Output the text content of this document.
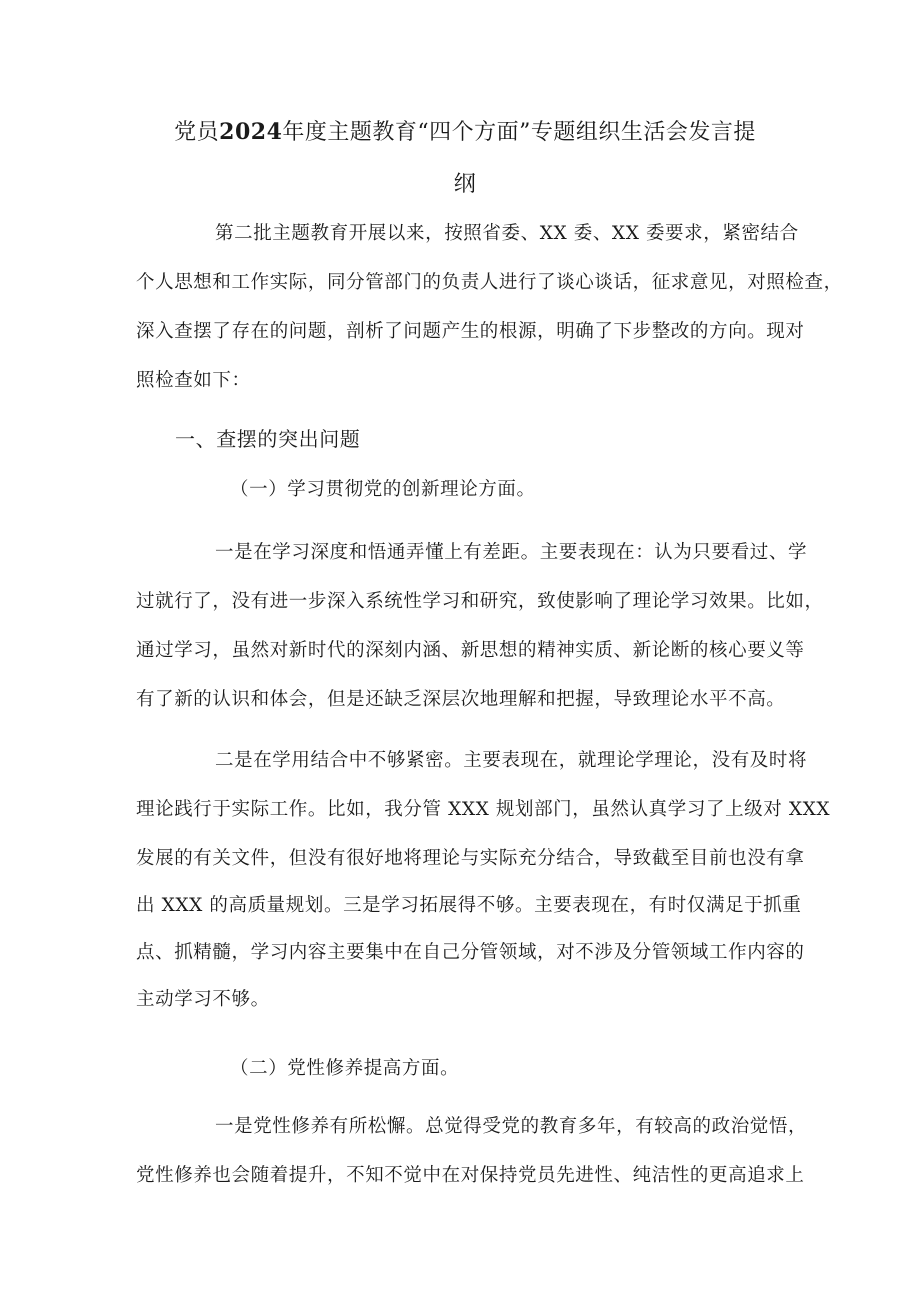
党员2024年度主题教育“四个方面”专题组织生活会发言提
纲
第二批主题教育开展以来，按照省委、XX 委、XX 委要求，紧密结合
个人思想和工作实际，同分管部门的负责人进行了谈心谈话，征求意见，对照检查，
深入查摆了存在的问题，剖析了问题产生的根源，明确了下步整改的方向。现对
照检查如下：
一、查摆的突出问题
（一）学习贯彻党的创新理论方面。
一是在学习深度和悟通弄懂上有差距。主要表现在：认为只要看过、学
过就行了，没有进一步深入系统性学习和研究，致使影响了理论学习效果。比如，
通过学习，虽然对新时代的深刻内涵、新思想的精神实质、新论断的核心要义等
有了新的认识和体会，但是还缺乏深层次地理解和把握，导致理论水平不高。
二是在学用结合中不够紧密。主要表现在，就理论学理论，没有及时将
理论践行于实际工作。比如，我分管 XXX 规划部门，虽然认真学习了上级对 XXX
发展的有关文件，但没有很好地将理论与实际充分结合，导致截至目前也没有拿
出 XXX 的高质量规划。三是学习拓展得不够。主要表现在，有时仅满足于抓重
点、抓精髓，学习内容主要集中在自己分管领域，对不涉及分管领域工作内容的
主动学习不够。
（二）党性修养提高方面。
一是党性修养有所松懈。总觉得受党的教育多年，有较高的政治觉悟，
党性修养也会随着提升，不知不觉中在对保持党员先进性、纯洁性的更高追求上
